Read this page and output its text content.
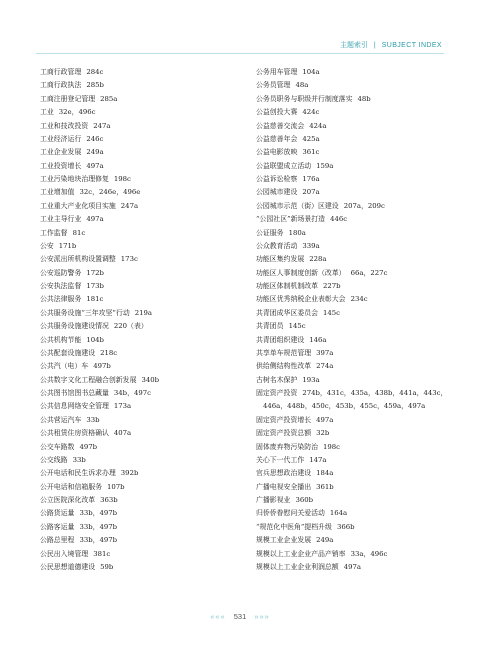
主题索引 | SUBJECT INDEX
工商行政管理 284c
工商行政执法 285b
工商注册登记管理 285a
工业 32e，496c
工业和技改投资 247a
工业经济运行 246c
工业企业发展 249a
工业投资增长 497a
工业污染地块治理修复 198c
工业增加值 32c，246e，496e
工业重大产业化项目实施 247a
工业主导行业 497a
工作监督 81c
公安 171b
公安派出所机构设置调整 173c
公安巡防警务 172b
公安执法监督 173b
公共法律服务 181c
公共服务设施“三年攻坚”行动 219a
公共服务设施建设情况 220（表）
公共机构节能 104b
公共配套设施建设 218c
公共汽（电）车 497b
公共数字文化工程融合创新发展 340b
公共图书馆图书总藏量 34b，497c
公共信息网络安全管理 173a
公共营运汽车 33b
公共租赁住房资格确认 407a
公交车路数 497b
公交线路 33b
公开电话和民生诉求办理 392b
公开电话和信箱服务 107b
公立医院深化改革 363b
公路货运量 33b，497b
公路客运量 33b，497b
公路总里程 33b，497b
公民出入境管理 381c
公民思想道德建设 59b
公务用车管理 104a
公务员管理 48a
公务员职务与职级并行制度落实 48b
公益创投大赛 424c
公益慈善交流会 424a
公益慈善年会 425a
公益电影放映 361c
公益联盟成立活动 159a
公益诉讼检察 176a
公园城市建设 207a
公园城市示范（街）区建设 207a，209c
“公园社区”新场景打造 446c
公证服务 180a
公众教育活动 339a
功能区集约发展 228a
功能区人事制度创新（改革） 66a，227c
功能区体制机制改革 227b
功能区优秀纳税企业表彰大会 234c
共青团成华区委员会 145c
共青团员 145c
共青团组织建设 146a
共享单车规范管理 397a
供给侧结构性改革 274a
古树名木保护 193a
固定资产投资 274b，431c，435a，438b，441a，443c，446a，448b，450c，453b，455c，459a，497a
固定资产投资增长 497a
固定资产投资总额 32b
固体废弃物污染防治 198c
关心下一代工作 147a
官兵思想政治建设 184a
广播电视安全播出 361b
广播影视业 360b
归侨侨眷慰问关爱活动 164a
“规范化中医角”提档升级 366b
规模工业企业发展 249a
规模以上工业企业产品产销率 33a，496c
规模以上工业企业利润总额 497a
««« 531 »»»
